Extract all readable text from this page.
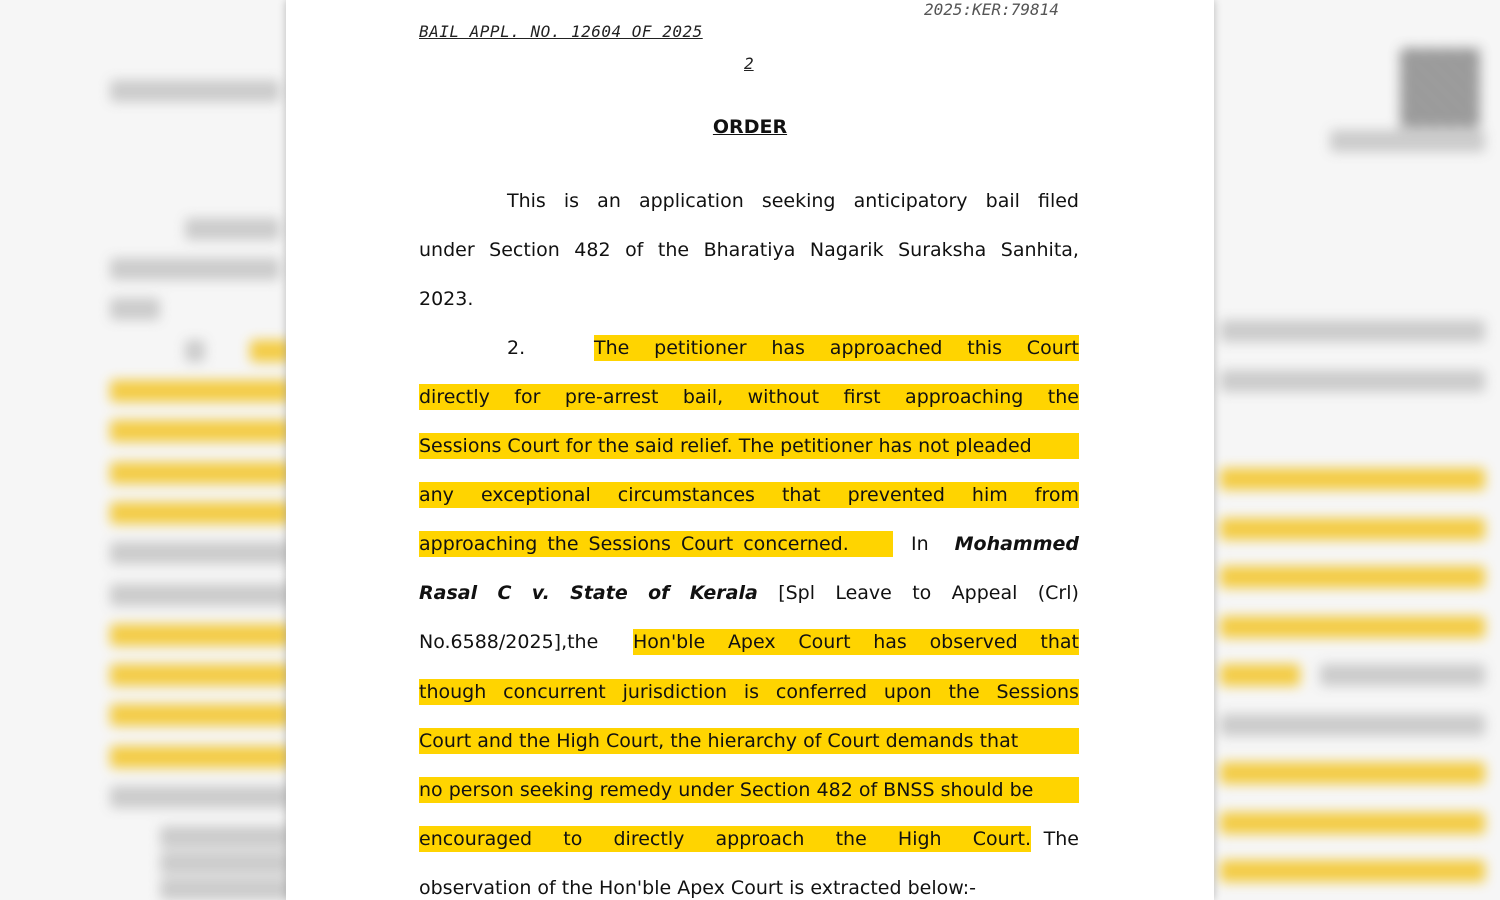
2025:KER:79814
BAIL APPL. NO. 12604 OF 2025
2
ORDER
This is an application seeking anticipatory bail filed
under Section 482 of the Bharatiya Nagarik Suraksha Sanhita,
2023.
2.	The petitioner has approached this Court
directly for pre-arrest bail, without first approaching the
Sessions Court for the said relief. The petitioner has not pleaded
any exceptional circumstances that prevented him from
approaching the Sessions Court concerned.	In Mohammed
Rasal C v. State of Kerala [Spl Leave to Appeal (Crl)
No.6588/2025],the Hon'ble Apex Court has observed that
though concurrent jurisdiction is conferred upon the Sessions
Court and the High Court, the hierarchy of Court demands that
no person seeking remedy under Section 482 of BNSS should be
encouraged to directly approach the High Court. The
observation of the Hon'ble Apex Court is extracted below:-
